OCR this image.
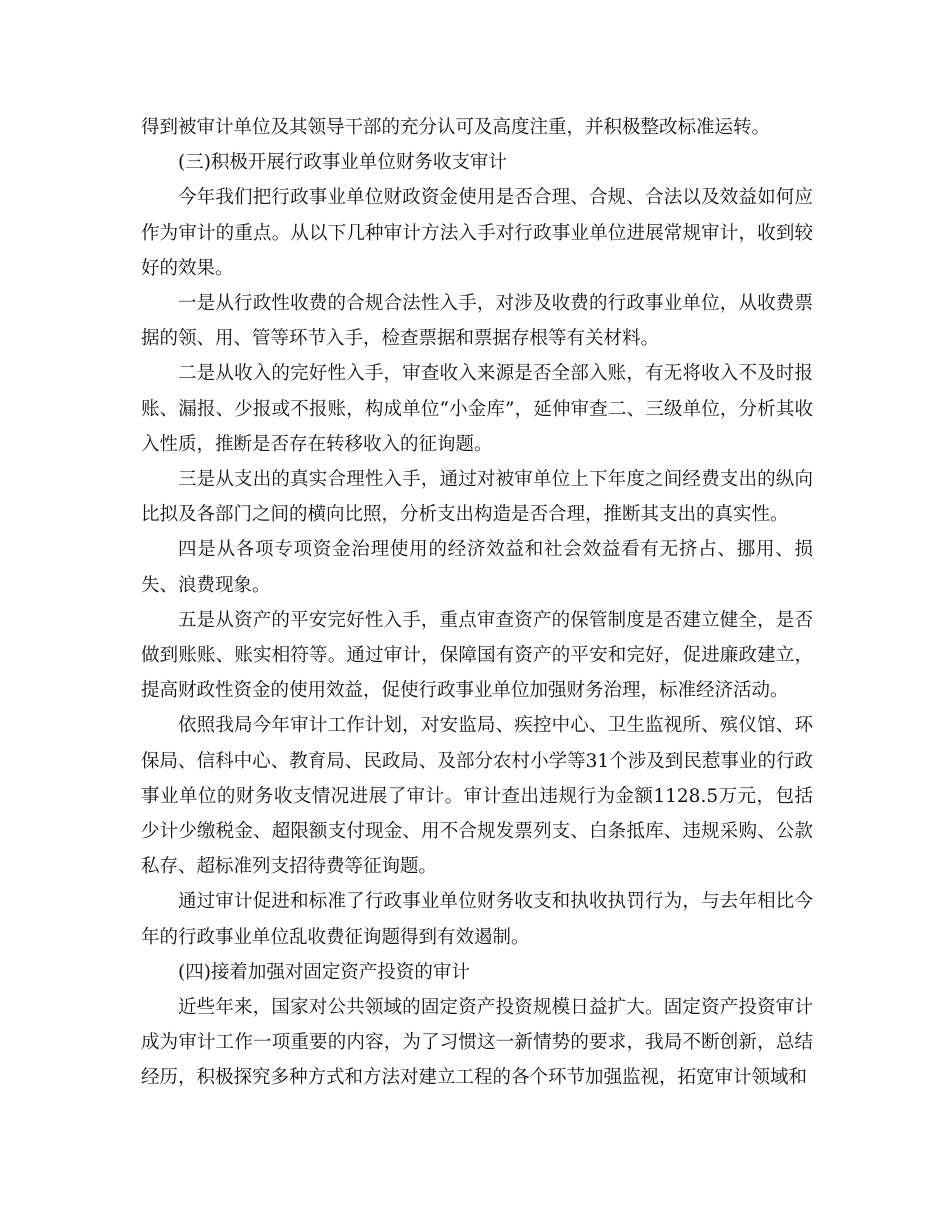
得到被审计单位及其领导干部的充分认可及高度注重，并积极整改标准运转。

(三)积极开展行政事业单位财务收支审计

今年我们把行政事业单位财政资金使用是否合理、合规、合法以及效益如何应作为审计的重点。从以下几种审计方法入手对行政事业单位进展常规审计，收到较好的效果。

一是从行政性收费的合规合法性入手，对涉及收费的行政事业单位，从收费票据的领、用、管等环节入手，检查票据和票据存根等有关材料。

二是从收入的完好性入手，审查收入来源是否全部入账，有无将收入不及时报账、漏报、少报或不报账，构成单位“小金库”，延伸审查二、三级单位，分析其收入性质，推断是否存在转移收入的征询题。

三是从支出的真实合理性入手，通过对被审单位上下年度之间经费支出的纵向比拟及各部门之间的横向比照，分析支出构造是否合理，推断其支出的真实性。

四是从各项专项资金治理使用的经济效益和社会效益看有无挤占、挪用、损失、浪费现象。

五是从资产的平安完好性入手，重点审查资产的保管制度是否建立健全，是否做到账账、账实相符等。通过审计，保障国有资产的平安和完好，促进廉政建立，提高财政性资金的使用效益，促使行政事业单位加强财务治理，标准经济活动。

依照我局今年审计工作计划，对安监局、疾控中心、卫生监视所、殡仪馆、环保局、信科中心、教育局、民政局、及部分农村小学等31个涉及到民惹事业的行政事业单位的财务收支情况进展了审计。审计查出违规行为金额1128.5万元，包括少计少缴税金、超限额支付现金、用不合规发票列支、白条抵库、违规采购、公款私存、超标准列支招待费等征询题。

通过审计促进和标准了行政事业单位财务收支和执收执罚行为，与去年相比今年的行政事业单位乱收费征询题得到有效遏制。

(四)接着加强对固定资产投资的审计

近些年来，国家对公共领域的固定资产投资规模日益扩大。固定资产投资审计成为审计工作一项重要的内容，为了习惯这一新情势的要求，我局不断创新，总结经历，积极探究多种方式和方法对建立工程的各个环节加强监视，拓宽审计领域和
